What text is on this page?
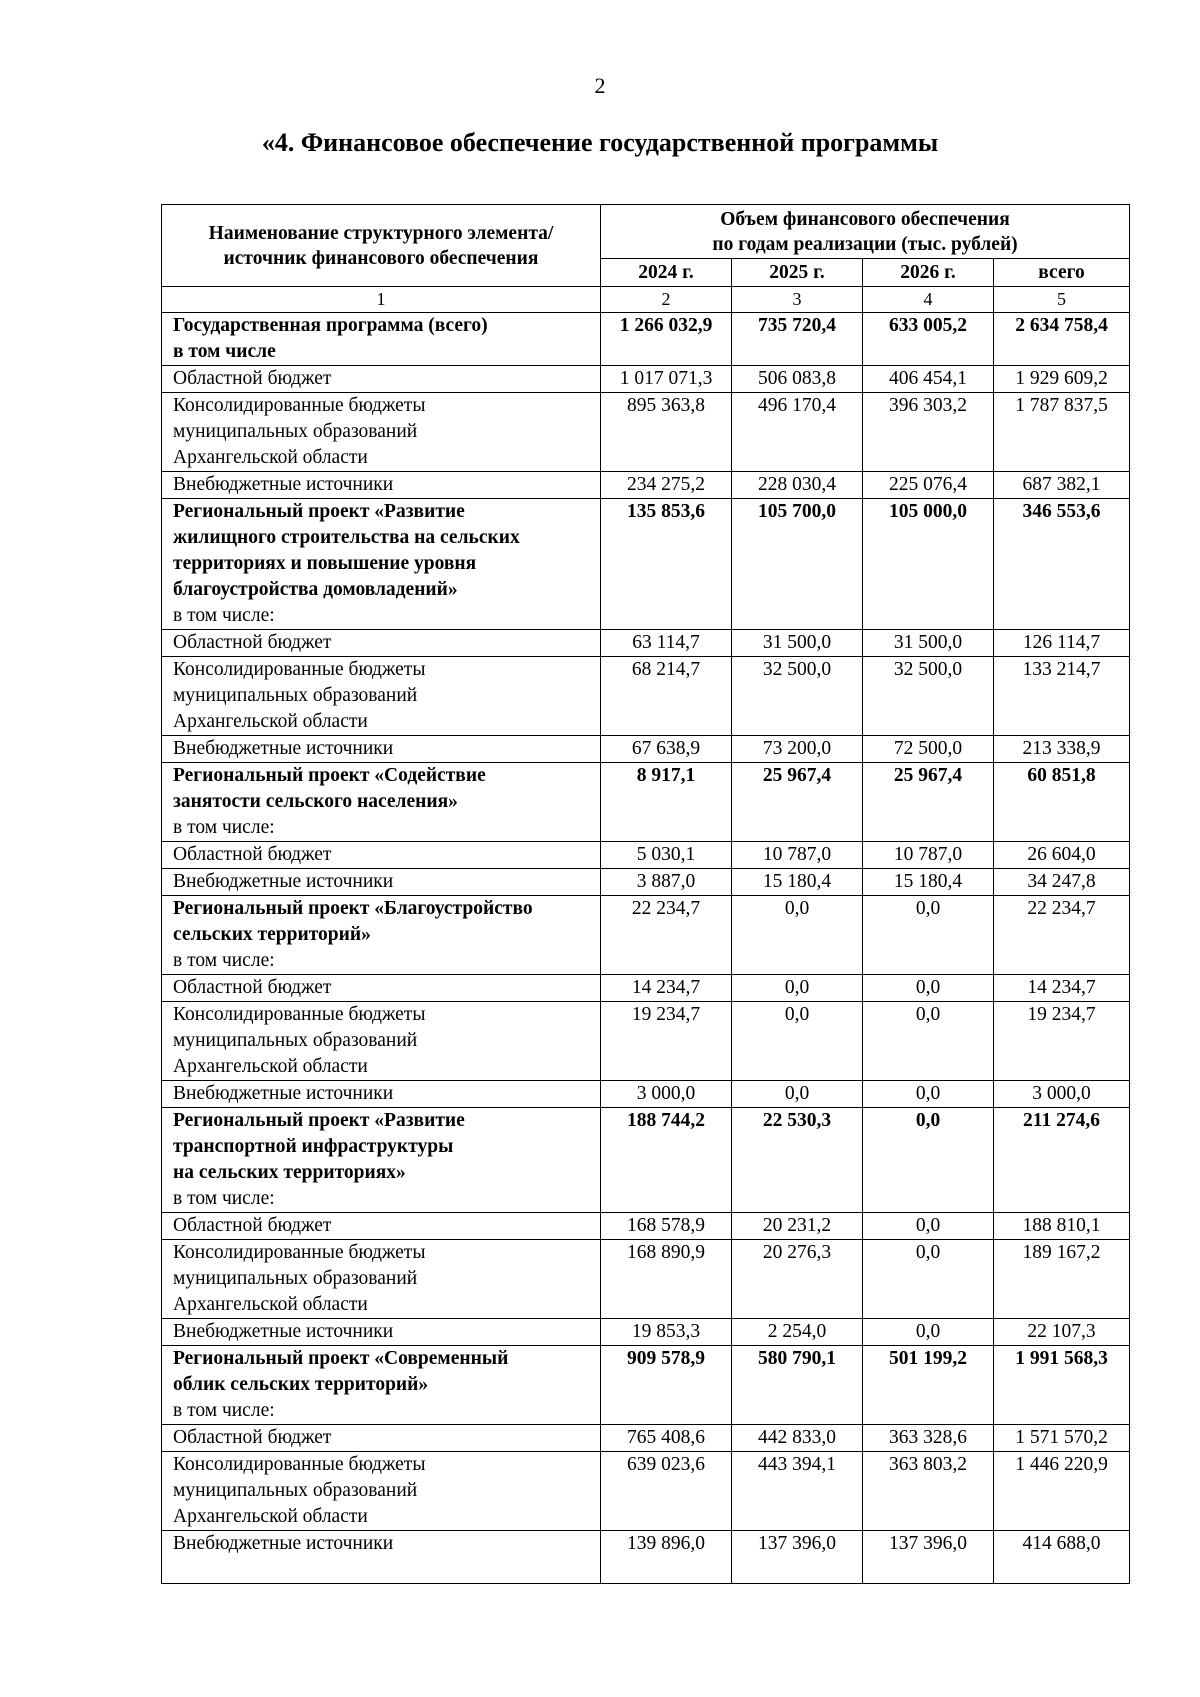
2
«4. Финансовое обеспечение государственной программы
Наименование структурного элемента/
источник финансового обеспечения	Объем финансового обеспечения
по годам реализации (тыс. рублей)			
	2024 г.	2025 г.	2026 г.	всего
1	2	3	4	5

Государственная программа (всего)
в том числе	1 266 032,9	735 720,4	633 005,2	2 634 758,4

Областной бюджет	1 017 071,3	506 083,8	406 454,1	1 929 609,2

Консолидированные бюджеты
муниципальных образований
Архангельской области	895 363,8	496 170,4	396 303,2	1 787 837,5

Внебюджетные источники	234 275,2	228 030,4	225 076,4	687 382,1

Региональный проект «Развитие
жилищного строительства на сельских
территориях и повышение уровня
благоустройства домовладений»
в том числе:	135 853,6	105 700,0	105 000,0	346 553,6

Областной бюджет	63 114,7	31 500,0	31 500,0	126 114,7

Консолидированные бюджеты
муниципальных образований
Архангельской области	68 214,7	32 500,0	32 500,0	133 214,7

Внебюджетные источники	67 638,9	73 200,0	72 500,0	213 338,9

Региональный проект «Содействие
занятости сельского населения»
в том числе:	8 917,1	25 967,4	25 967,4	60 851,8

Областной бюджет	5 030,1	10 787,0	10 787,0	26 604,0

Внебюджетные источники	3 887,0	15 180,4	15 180,4	34 247,8

Региональный проект «Благоустройство
сельских территорий»
в том числе:	22 234,7	0,0	0,0	22 234,7

Областной бюджет	14 234,7	0,0	0,0	14 234,7

Консолидированные бюджеты
муниципальных образований
Архангельской области	19 234,7	0,0	0,0	19 234,7

Внебюджетные источники	3 000,0	0,0	0,0	3 000,0

Региональный проект «Развитие
транспортной инфраструктуры
на сельских территориях»
в том числе:	188 744,2	22 530,3	0,0	211 274,6

Областной бюджет	168 578,9	20 231,2	0,0	188 810,1

Консолидированные бюджеты
муниципальных образований
Архангельской области	168 890,9	20 276,3	0,0	189 167,2

Внебюджетные источники	19 853,3	2 254,0	0,0	22 107,3

Региональный проект «Современный
облик сельских территорий»
в том числе:	909 578,9	580 790,1	501 199,2	1 991 568,3

Областной бюджет	765 408,6	442 833,0	363 328,6	1 571 570,2

Консолидированные бюджеты
муниципальных образований
Архангельской области	639 023,6	443 394,1	363 803,2	1 446 220,9

Внебюджетные источники	139 896,0	137 396,0	137 396,0	414 688,0
